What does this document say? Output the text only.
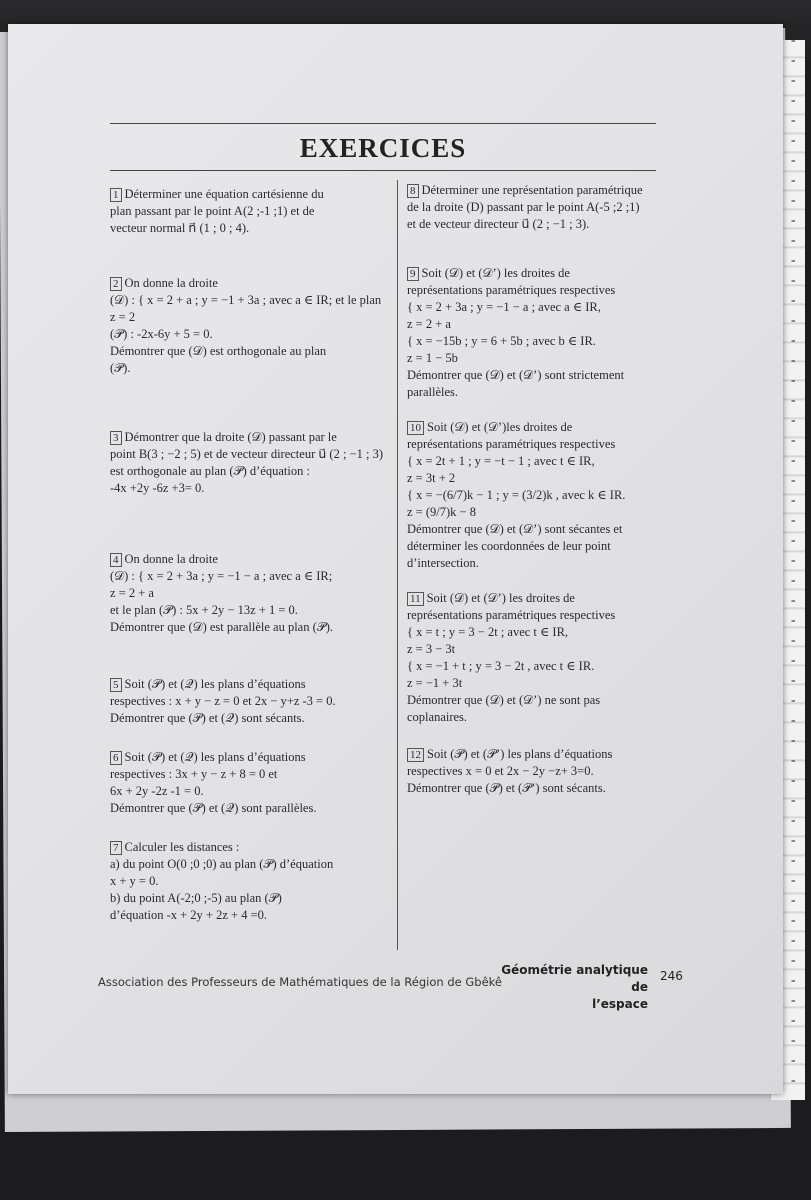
EXERCICES
1 Déterminer une équation cartésienne du
plan passant par le point A(2 ;-1 ;1) et de
vecteur normal n⃗ (1 ; 0 ; 4).
2 On donne la droite
(𝒟) : { x = 2 + a ; y = −1 + 3a ; avec a ∈ IR; et le plan
z = 2
(𝒫) : -2x-6y + 5 = 0.
Démontrer que (𝒟) est orthogonale au plan
(𝒫).
3 Démontrer que la droite (𝒟) passant par le
point B(3 ; −2 ; 5) et de vecteur directeur u⃗ (2 ; −1 ; 3)
est orthogonale au plan (𝒫) d’équation :
-4x +2y -6z +3= 0.
4 On donne la droite
(𝒟) : { x = 2 + 3a ; y = −1 − a ; avec a ∈ IR;
z = 2 + a
et le plan (𝒫) : 5x + 2y − 13z + 1 = 0.
Démontrer que (𝒟) est parallèle au plan (𝒫).
5 Soit (𝒫) et (𝒬) les plans d’équations
respectives : x + y − z = 0 et 2x − y+z -3 = 0.
Démontrer que (𝒫) et (𝒬) sont sécants.
6 Soit (𝒫) et (𝒬) les plans d’équations
respectives : 3x + y − z + 8 = 0 et
6x + 2y -2z -1 = 0.
Démontrer que (𝒫) et (𝒬) sont parallèles.
7 Calculer les distances :
a) du point O(0 ;0 ;0) au plan (𝒫) d’équation
x + y = 0.
b) du point A(-2;0 ;-5) au plan (𝒫)
d’équation -x + 2y + 2z + 4 =0.
8 Déterminer une représentation paramétrique
de la droite (D) passant par le point A(-5 ;2 ;1)
et de vecteur directeur u⃗ (2 ; −1 ; 3).
9 Soit (𝒟) et (𝒟’) les droites de
représentations paramétriques respectives
{ x = 2 + 3a ; y = −1 − a ; avec a ∈ IR,
z = 2 + a
{ x = −15b ; y = 6 + 5b ; avec b ∈ IR.
z = 1 − 5b
Démontrer que (𝒟) et (𝒟’) sont strictement
parallèles.
10 Soit (𝒟) et (𝒟’)les droites de
représentations paramétriques respectives
{ x = 2t + 1 ; y = −t − 1 ; avec t ∈ IR,
z = 3t + 2
{ x = −(6/7)k − 1 ; y = (3/2)k , avec k ∈ IR.
z = (9/7)k − 8
Démontrer que (𝒟) et (𝒟’) sont sécantes et
déterminer les coordonnées de leur point
d’intersection.
11 Soit (𝒟) et (𝒟’) les droites de
représentations paramétriques respectives
{ x = t ; y = 3 − 2t ; avec t ∈ IR,
z = 3 − 3t
{ x = −1 + t ; y = 3 − 2t , avec t ∈ IR.
z = −1 + 3t
Démontrer que (𝒟) et (𝒟’) ne sont pas
coplanaires.
12 Soit (𝒫) et (𝒫’) les plans d’équations
respectives x = 0 et 2x − 2y −z+ 3=0.
Démontrer que (𝒫) et (𝒫’) sont sécants.
Association des Professeurs de Mathématiques de la Région de Gbêkê
Géométrie analytique de
l’espace
246
